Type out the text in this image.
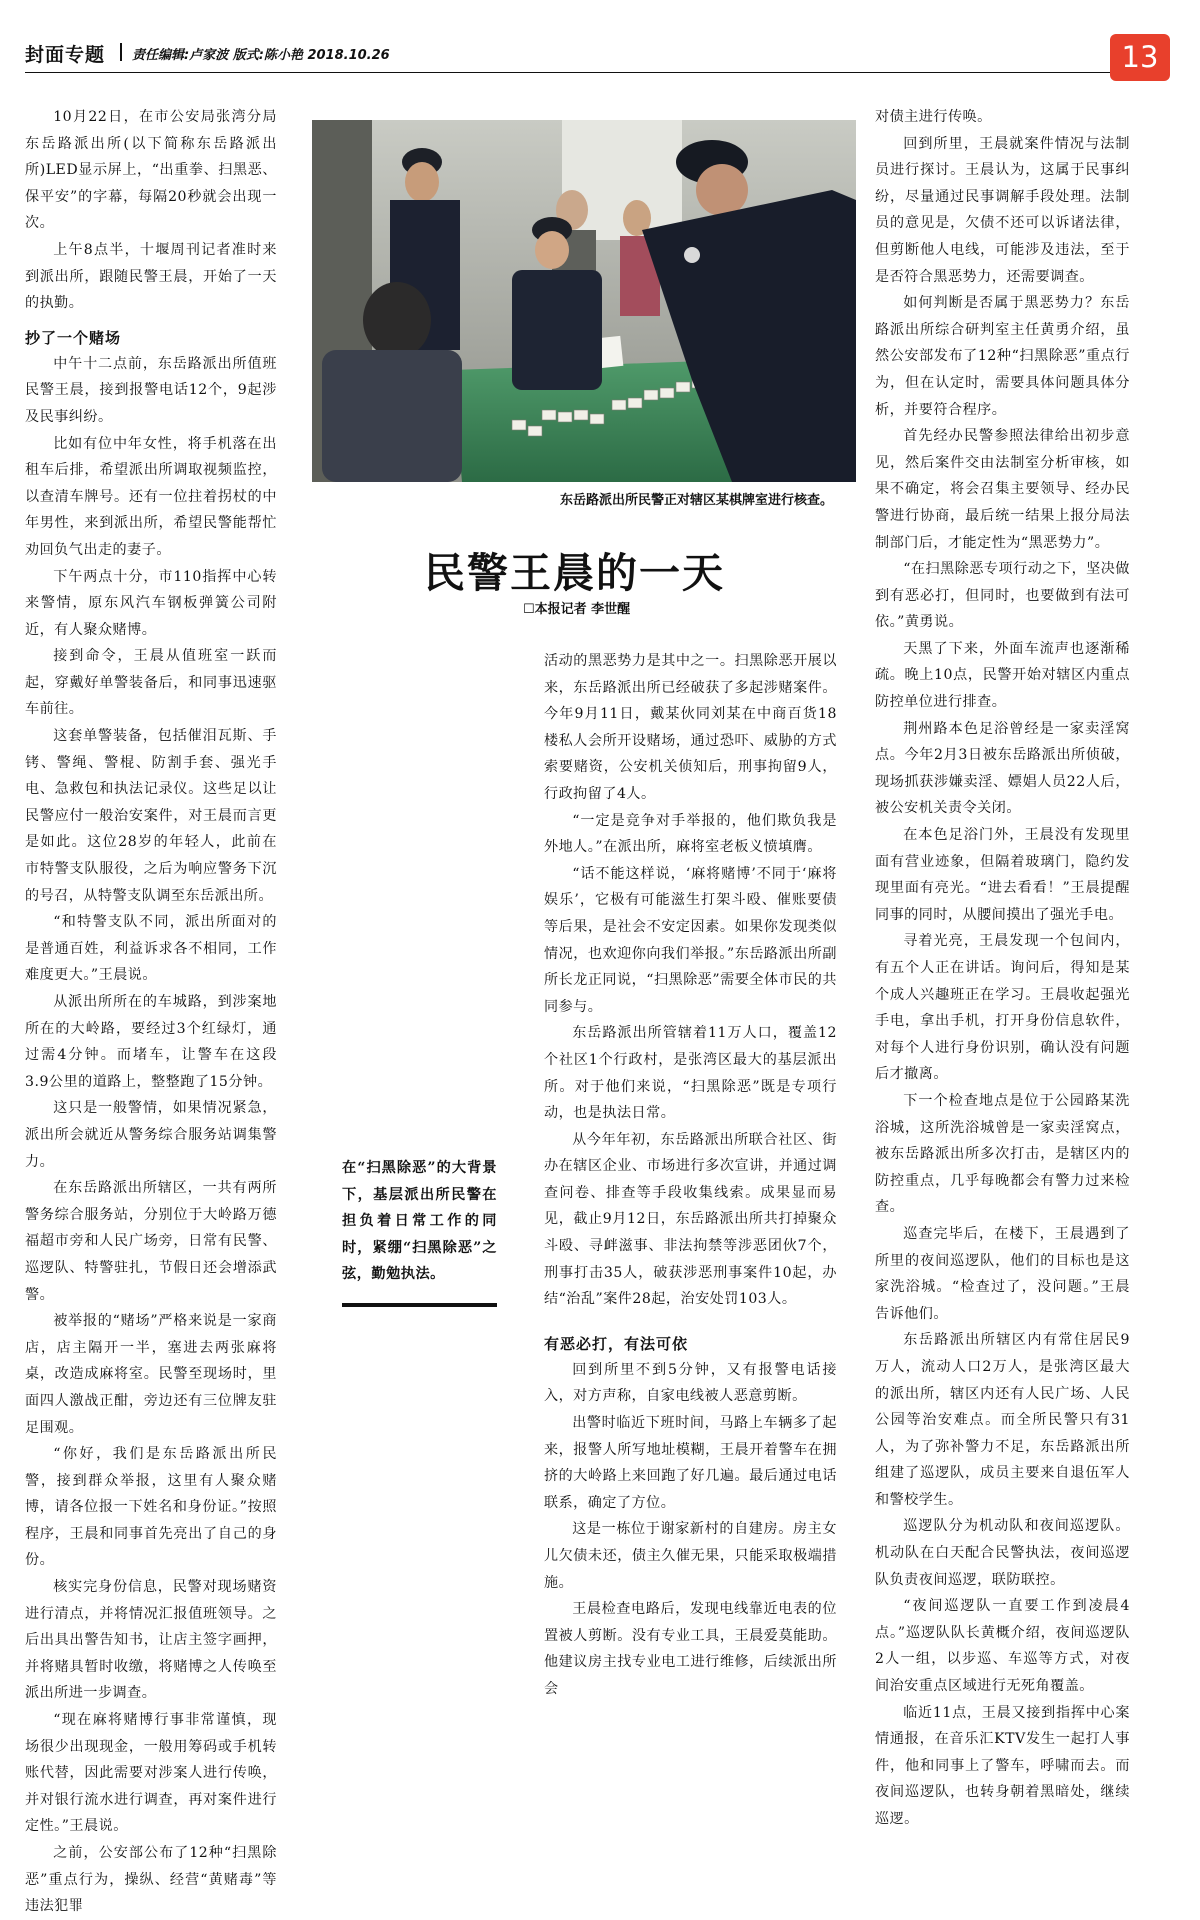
封面专题 责任编辑:卢家波 版式:陈小艳 2018.10.26	13

10月22日，在市公安局张湾分局东岳路派出所(以下简称东岳路派出所)LED显示屏上，“出重拳、扫黑恶、保平安”的字幕，每隔20秒就会出现一次。

上午8点半，十堰周刊记者准时来到派出所，跟随民警王晨，开始了一天的执勤。

抄了一个赌场

中午十二点前，东岳路派出所值班民警王晨，接到报警电话12个，9起涉及民事纠纷。

比如有位中年女性，将手机落在出租车后排，希望派出所调取视频监控，以查清车牌号。还有一位拄着拐杖的中年男性，来到派出所，希望民警能帮忙劝回负气出走的妻子。

下午两点十分，市110指挥中心转来警情，原东风汽车钢板弹簧公司附近，有人聚众赌博。

接到命令，王晨从值班室一跃而起，穿戴好单警装备后，和同事迅速驱车前往。

这套单警装备，包括催泪瓦斯、手铐、警绳、警棍、防割手套、强光手电、急救包和执法记录仪。这些足以让民警应付一般治安案件，对王晨而言更是如此。这位28岁的年轻人，此前在市特警支队服役，之后为响应警务下沉的号召，从特警支队调至东岳派出所。

“和特警支队不同，派出所面对的是普通百姓，利益诉求各不相同，工作难度更大。”王晨说。

从派出所所在的车城路，到涉案地所在的大岭路，要经过3个红绿灯，通过需4分钟。而堵车，让警车在这段3.9公里的道路上，整整跑了15分钟。

这只是一般警情，如果情况紧急，派出所会就近从警务综合服务站调集警力。

在东岳路派出所辖区，一共有两所警务综合服务站，分别位于大岭路万德福超市旁和人民广场旁，日常有民警、巡逻队、特警驻扎，节假日还会增添武警。

被举报的“赌场”严格来说是一家商店，店主隔开一半，塞进去两张麻将桌，改造成麻将室。民警至现场时，里面四人激战正酣，旁边还有三位牌友驻足围观。

“你好，我们是东岳路派出所民警，接到群众举报，这里有人聚众赌博，请各位报一下姓名和身份证。”按照程序，王晨和同事首先亮出了自己的身份。

核实完身份信息，民警对现场赌资进行清点，并将情况汇报值班领导。之后出具出警告知书，让店主签字画押，并将赌具暂时收缴，将赌博之人传唤至派出所进一步调查。

“现在麻将赌博行事非常谨慎，现场很少出现现金，一般用筹码或手机转账代替，因此需要对涉案人进行传唤，并对银行流水进行调查，再对案件进行定性。”王晨说。

之前，公安部公布了12种“扫黑除恶”重点行为，操纵、经营“黄赌毒”等违法犯罪

东岳路派出所民警正对辖区某棋牌室进行核查。
民警王晨的一天
☐本报记者 李世醒
在“扫黑除恶”的大背景下，基层派出所民警在担负着日常工作的同时，紧绷“扫黑除恶”之弦，勤勉执法。

活动的黑恶势力是其中之一。扫黑除恶开展以来，东岳路派出所已经破获了多起涉赌案件。今年9月11日，戴某伙同刘某在中商百货18楼私人会所开设赌场，通过恐吓、威胁的方式索要赌资，公安机关侦知后，刑事拘留9人，行政拘留了4人。

“一定是竞争对手举报的，他们欺负我是外地人。”在派出所，麻将室老板义愤填膺。

“话不能这样说，‘麻将赌博’不同于‘麻将娱乐’，它极有可能滋生打架斗殴、催账要债等后果，是社会不安定因素。如果你发现类似情况，也欢迎你向我们举报。”东岳路派出所副所长龙正同说，“扫黑除恶”需要全体市民的共同参与。

东岳路派出所管辖着11万人口，覆盖12个社区1个行政村，是张湾区最大的基层派出所。对于他们来说，“扫黑除恶”既是专项行动，也是执法日常。

从今年年初，东岳路派出所联合社区、街办在辖区企业、市场进行多次宣讲，并通过调查问卷、排查等手段收集线索。成果显而易见，截止9月12日，东岳路派出所共打掉聚众斗殴、寻衅滋事、非法拘禁等涉恶团伙7个，刑事打击35人，破获涉恶刑事案件10起，办结“治乱”案件28起，治安处罚103人。

有恶必打，有法可依

回到所里不到5分钟，又有报警电话接入，对方声称，自家电线被人恶意剪断。

出警时临近下班时间，马路上车辆多了起来，报警人所写地址模糊，王晨开着警车在拥挤的大岭路上来回跑了好几遍。最后通过电话联系，确定了方位。

这是一栋位于谢家新村的自建房。房主女儿欠债未还，债主久催无果，只能采取极端措施。

王晨检查电路后，发现电线靠近电表的位置被人剪断。没有专业工具，王晨爱莫能助。他建议房主找专业电工进行维修，后续派出所会

对债主进行传唤。

回到所里，王晨就案件情况与法制员进行探讨。王晨认为，这属于民事纠纷，尽量通过民事调解手段处理。法制员的意见是，欠债不还可以诉诸法律，但剪断他人电线，可能涉及违法，至于是否符合黑恶势力，还需要调查。

如何判断是否属于黑恶势力？东岳路派出所综合研判室主任黄勇介绍，虽然公安部发布了12种“扫黑除恶”重点行为，但在认定时，需要具体问题具体分析，并要符合程序。

首先经办民警参照法律给出初步意见，然后案件交由法制室分析审核，如果不确定，将会召集主要领导、经办民警进行协商，最后统一结果上报分局法制部门后，才能定性为“黑恶势力”。

“在扫黑除恶专项行动之下，坚决做到有恶必打，但同时，也要做到有法可依。”黄勇说。

天黑了下来，外面车流声也逐渐稀疏。晚上10点，民警开始对辖区内重点防控单位进行排查。

荆州路本色足浴曾经是一家卖淫窝点。今年2月3日被东岳路派出所侦破，现场抓获涉嫌卖淫、嫖娼人员22人后，被公安机关责令关闭。

在本色足浴门外，王晨没有发现里面有营业迹象，但隔着玻璃门，隐约发现里面有亮光。“进去看看！”王晨提醒同事的同时，从腰间摸出了强光手电。

寻着光亮，王晨发现一个包间内，有五个人正在讲话。询问后，得知是某个成人兴趣班正在学习。王晨收起强光手电，拿出手机，打开身份信息软件，对每个人进行身份识别，确认没有问题后才撤离。

下一个检查地点是位于公园路某洗浴城，这所洗浴城曾是一家卖淫窝点，被东岳路派出所多次打击，是辖区内的防控重点，几乎每晚都会有警力过来检查。

巡查完毕后，在楼下，王晨遇到了所里的夜间巡逻队，他们的目标也是这家洗浴城。“检查过了，没问题。”王晨告诉他们。

东岳路派出所辖区内有常住居民9万人，流动人口2万人，是张湾区最大的派出所，辖区内还有人民广场、人民公园等治安难点。而全所民警只有31人，为了弥补警力不足，东岳路派出所组建了巡逻队，成员主要来自退伍军人和警校学生。

巡逻队分为机动队和夜间巡逻队。机动队在白天配合民警执法，夜间巡逻队负责夜间巡逻，联防联控。

“夜间巡逻队一直要工作到凌晨4点。”巡逻队队长黄概介绍，夜间巡逻队2人一组，以步巡、车巡等方式，对夜间治安重点区域进行无死角覆盖。

临近11点，王晨又接到指挥中心案情通报，在音乐汇KTV发生一起打人事件，他和同事上了警车，呼啸而去。而夜间巡逻队，也转身朝着黑暗处，继续巡逻。
